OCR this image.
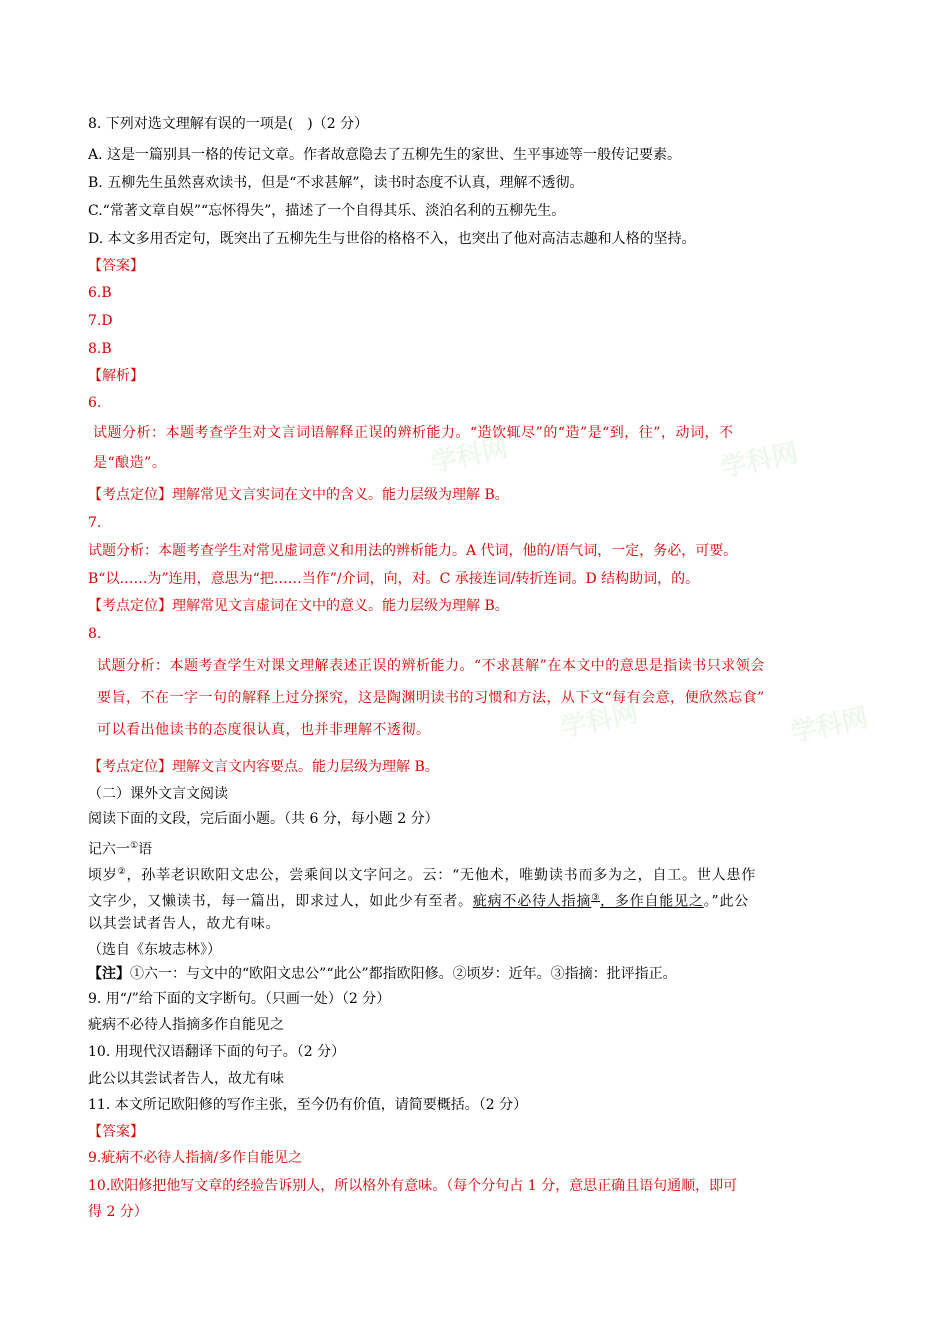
学科网	学科网
学科网	学科网
8. 下列对选文理解有误的一项是(　)（2 分）
A. 这是一篇别具一格的传记文章。作者故意隐去了五柳先生的家世、生平事迹等一般传记要素。
B. 五柳先生虽然喜欢读书，但是“不求甚解”，读书时态度不认真，理解不透彻。
C.“常著文章自娱”“忘怀得失”，描述了一个自得其乐、淡泊名利的五柳先生。
D. 本文多用否定句，既突出了五柳先生与世俗的格格不入，也突出了他对高洁志趣和人格的坚持。
【答案】
6.B
7.D
8.B
【解析】
6.
试题分析：本题考查学生对文言词语解释正误的辨析能力。“造饮辄尽”的“造”是“到，往”，动词，不
是“酿造”。
【考点定位】理解常见文言实词在文中的含义。能力层级为理解 B。
7.
试题分析：本题考查学生对常见虚词意义和用法的辨析能力。A 代词，他的/语气词，一定，务必，可要。
B“以……为”连用，意思为“把……当作”/介词，向，对。C 承接连词/转折连词。D 结构助词，的。
【考点定位】理解常见文言虚词在文中的意义。能力层级为理解 B。
8.
试题分析：本题考查学生对课文理解表述正误的辨析能力。“不求甚解”在本文中的意思是指读书只求领会
要旨，不在一字一句的解释上过分探究，这是陶渊明读书的习惯和方法，从下文“每有会意，便欣然忘食”
可以看出他读书的态度很认真，也并非理解不透彻。
【考点定位】理解文言文内容要点。能力层级为理解 B。
（二）课外文言文阅读
阅读下面的文段，完后面小题。（共 6 分，每小题 2 分）
记六一①语
顷岁②，孙莘老识欧阳文忠公，尝乘间以文字问之。云：“无他术，唯勤读书而多为之，自工。世人患作
文字少，又懒读书，每一篇出，即求过人，如此少有至者。疵病不必待人指摘③，多作自能见之。”此公
以其尝试者告人，故尤有味。
（选自《东坡志林》）
【注】①六一：与文中的“欧阳文忠公”“此公”都指欧阳修。②顷岁：近年。③指摘：批评指正。
9. 用“/”给下面的文字断句。（只画一处）（2 分）
疵病不必待人指摘多作自能见之
10. 用现代汉语翻译下面的句子。（2 分）
此公以其尝试者告人，故尤有味
11. 本文所记欧阳修的写作主张，至今仍有价值，请简要概括。（2 分）
【答案】
9.疵病不必待人指摘/多作自能见之
10.欧阳修把他写文章的经验告诉别人，所以格外有意味。（每个分句占 1 分，意思正确且语句通顺，即可
得 2 分）
